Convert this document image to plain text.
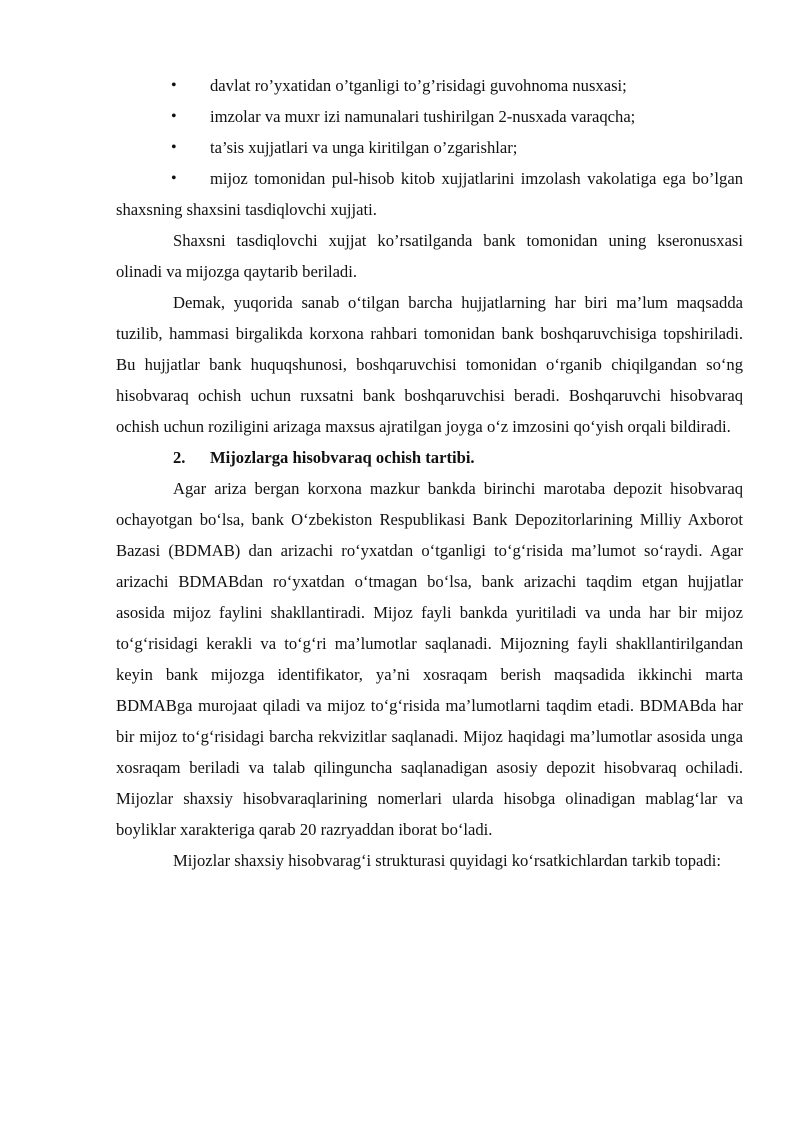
• davlat ro’yxatidan o’tganligi to’g’risidagi guvohnoma nusxasi;
• imzolar va muxr izi namunalari tushirilgan 2-nusxada varaqcha;
• ta’sis xujjatlari va unga kiritilgan o’zgarishlar;
• mijoz tomonidan pul-hisob kitob xujjatlarini imzolash vakolatiga ega bo’lgan shaxsning shaxsini tasdiqlovchi xujjati.

Shaxsni tasdiqlovchi xujjat ko’rsatilganda bank tomonidan uning kseronusxasi olinadi va mijozga qaytarib beriladi.

Demak, yuqorida sanab o‘tilgan barcha hujjatlarning har biri ma’lum maqsadda tuzilib, hammasi birgalikda korxona rahbari tomonidan bank boshqaruvchisiga topshiriladi. Bu hujjatlar bank huquqshunosi, boshqaruvchisi tomonidan o‘rganib chiqilgandan so‘ng hisobvaraq ochish uchun ruxsatni bank boshqaruvchisi beradi. Boshqaruvchi hisobvaraq ochish uchun roziligini arizaga maxsus ajratilgan joyga o‘z imzosini qo‘yish orqali bildiradi.

2. Mijozlarga hisobvaraq ochish tartibi.

Agar ariza bergan korxona mazkur bankda birinchi marotaba depozit hisobvaraq ochayotgan bo‘lsa, bank O‘zbekiston Respublikasi Bank Depozitorlarining Milliy Axborot Bazasi (BDMAB) dan arizachi ro‘yxatdan o‘tganligi to‘g‘risida ma’lumot so‘raydi. Agar arizachi BDMABdan ro‘yxatdan o‘tmagan bo‘lsa, bank arizachi taqdim etgan hujjatlar asosida mijoz faylini shakllantiradi. Mijoz fayli bankda yuritiladi va unda har bir mijoz to‘g‘risidagi kerakli va to‘g‘ri ma’lumotlar saqlanadi. Mijozning fayli shakllantirilgandan keyin bank mijozga identifikator, ya’ni xosraqam berish maqsadida ikkinchi marta BDMABga murojaat qiladi va mijoz to‘g‘risida ma’lumotlarni taqdim etadi. BDMABda har bir mijoz to‘g‘risidagi barcha rekvizitlar saqlanadi. Mijoz haqidagi ma’lumotlar asosida unga xosraqam beriladi va talab qilinguncha saqlanadigan asosiy depozit hisobvaraq ochiladi. Mijozlar shaxsiy hisobvaraqlarining nomerlari ularda hisobga olinadigan mablag‘lar va boyliklar xarakteriga qarab 20 razryaddan iborat bo‘ladi.

Mijozlar shaxsiy hisobvarag‘i strukturasi quyidagi ko‘rsatkichlardan tarkib topadi:
